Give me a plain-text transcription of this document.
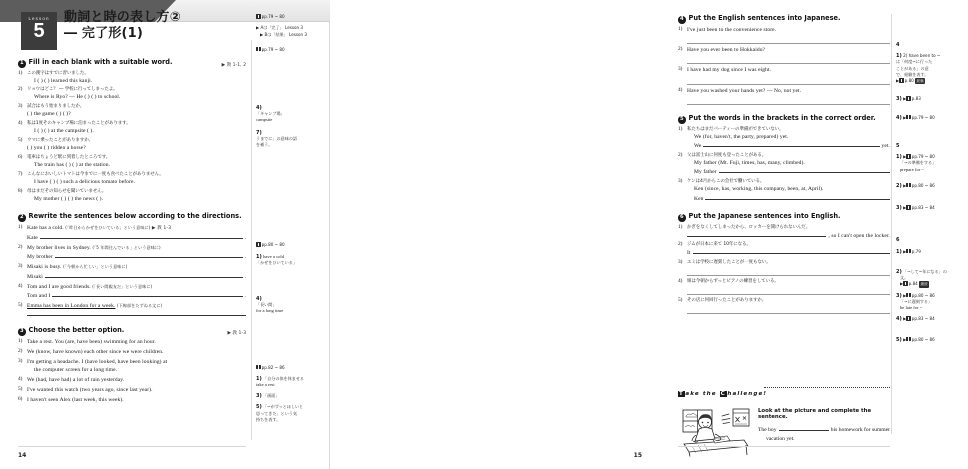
Lesson
5
動詞と時の表し方②
― 完了形(1)
1 Fill in each blank with a suitable word.	▶ 教 1-1, 2
1) この漢字はすでに習いました。
I ( ) ( ) learned this kanji.
2) リョウはどこ？ ― 学校に行ってしまったよ。
Where is Ryo? ― He ( ) ( ) to school.
3) 試合はもう始まりましたか。
( ) the game ( ) ( )?
4) 私は1度そのキャンプ場に泊まったことがあります。
I ( ) ( ) at the campsite ( ).
5) ウマに乗ったことがありますか。
( ) you ( ) ridden a horse?
6) 電車はちょうど駅に到着したところです。
The train has ( ) ( ) at the station.
7) こんなにおいしいトマトは今までに一度も食べたことがありません。
I have ( ) ( ) such a delicious tomato before.
8) 母はまだその知らせを聞いていません。
My mother ( ) ( ) the news ( ).
2 Rewrite the sentences below according to the directions.
1) Kate has a cold. (「昨日からかぜをひいている」という意味に) ▶ 教 1-3
Kate	.
2) My brother lives in Sydney. (「5 年間住んでいる」という意味に)
My brother	.
3) Misaki is busy. (「今朝から忙しい」という意味に)
Misaki	.
4) Tom and I are good friends. (「長い間親友だ」という意味に)
Tom and I	.
5) Emma has been in London for a week. (下線部をたずねる文に)
3 Choose the better option.	▶ 教 1-3
1) Take a rest. You (are, have been) swimming for an hour.
2) We (know, have known) each other since we were children.
3) I'm getting a headache. I (have looked, have been looking) at
the computer screen for a long time.
4) We (had, have had) a lot of rain yesterday.
5) I've wanted this watch (two years ago, since last year).
6) I haven't seen Alex (last week, this week).
pp.79 ~ 80
▶ Aは「完了」 Lesson 3
▶ Bは「結果」 Lesson 3
pp.79 ~ 80
4)
「キャンプ場」
campsite
7)
うまでに」の意味の語
を補う。
pp.80 ~ 80
1) have a cold
「かぜをひいている」
4)
「長い間」
for a long time
pp.82 ~ 86
1) 「自分の体を休ませる
take a rest
3) 「画面」
5) 「~がずっとほしいと
思ってきた」という気
持ちを表す。
14
4 Put the English sentences into Japanese.
1) I've just been to the convenience store.
2) Have you ever been to Hokkaido?
3) I have had my dog since I was eight.
4) Have you washed your hands yet? ― No, not yet.
5 Put the words in the brackets in the correct order.
1) 私たちはまだパーティーの準備ができていない。
We (for, haven't, the party, prepared) yet.
We	yet.
2) 父は富士山に何度も登ったことがある。
My father (Mt. Fuji, times, has, many, climbed).
My father
3) ケンは4月からこの会社で働いている。
Ken (since, has, working, this company, been, at, April).
Ken
6 Put the Japanese sentences into English.
1) かぎをなくしてしまったから、ロッカーを開けられないんだ。
, so I can't open the locker.
2) ジムが日本に来て 10年になる。
It
3) エミは学校に遅刻したことが一度もない。
4) 姉は今朝からずっとピアノの練習をしている。
5) その店に何回行ったことがありますか。
T ake the C hallenge!
Look at the picture and complete the sentence.
The boy	his homework for summer
vacation yet.
4
1) 2) have been to ~
は「何度~に行った
ことがある」の意
で、経験を表す。
▶ p.80 経験
3) ▶ p.83
4) ▶ pp.79 ~ 80
5
1) ▶ pp.79 ~ 80
「~の準備をする」
prepare for ~
2) ▶ pp.80 ~ 86
3) ▶ pp.83 ~ 84
6
1) ▶ p.79
2) 「~して~年になる」の
文。
▶ p.84 継続
3) ▶ pp.80 ~ 86
「~に遅刻する」
be late for ~
4) ▶ pp.83 ~ 84
5) ▶ pp.80 ~ 86
15
